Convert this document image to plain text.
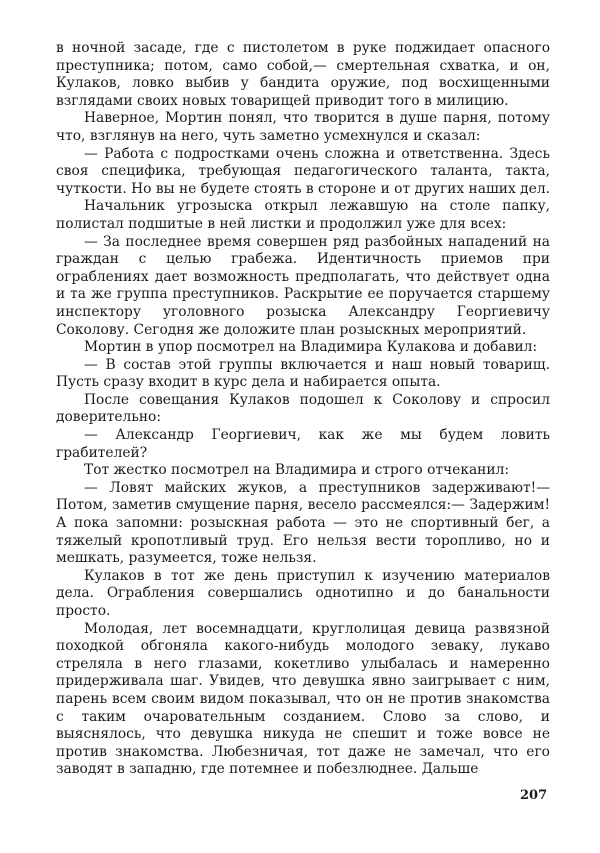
в ночной засаде, где с пистолетом в руке поджидает опасного преступника; потом, само собой,— смертельная схватка, и он, Кулаков, ловко выбив у бандита оружие, под восхищенными взглядами своих новых товарищей приводит того в милицию.

Наверное, Мортин понял, что творится в душе парня, потому что, взглянув на него, чуть заметно усмехнулся и сказал:

— Работа с подростками очень сложна и ответственна. Здесь своя специфика, требующая педагогического таланта, такта, чуткости. Но вы не будете стоять в стороне и от других наших дел.

Начальник угрозыска открыл лежавшую на столе папку, полистал подшитые в ней листки и продолжил уже для всех:

— За последнее время совершен ряд разбойных нападений на граждан с целью грабежа. Идентичность приемов при ограблениях дает возможность предполагать, что действует одна и та же группа преступников. Раскрытие ее поручается старшему инспектору уголовного розыска Александру Георгиевичу Соколову. Сегодня же доложите план розыскных мероприятий.

Мортин в упор посмотрел на Владимира Кулакова и добавил:

— В состав этой группы включается и наш новый товарищ. Пусть сразу входит в курс дела и набирается опыта.

После совещания Кулаков подошел к Соколову и спросил доверительно:

— Александр Георгиевич, как же мы будем ловить грабителей?

Тот жестко посмотрел на Владимира и строго отчеканил:

— Ловят майских жуков, а преступников задерживают!— Потом, заметив смущение парня, весело рассмеялся:— Задержим! А пока запомни: розыскная работа — это не спортивный бег, а тяжелый кропотливый труд. Его нельзя вести торопливо, но и мешкать, разумеется, тоже нельзя.

Кулаков в тот же день приступил к изучению материалов дела. Ограбления совершались однотипно и до банальности просто.

Молодая, лет восемнадцати, круглолицая девица развязной походкой обгоняла какого-нибудь молодого зеваку, лукаво стреляла в него глазами, кокетливо улыбалась и намеренно придерживала шаг. Увидев, что девушка явно заигрывает с ним, парень всем своим видом показывал, что он не против знакомства с таким очаровательным созданием. Слово за слово, и выяснялось, что девушка никуда не спешит и тоже вовсе не против знакомства. Любезничая, тот даже не замечал, что его заводят в западню, где потемнее и побезлюднее. Дальше

207
